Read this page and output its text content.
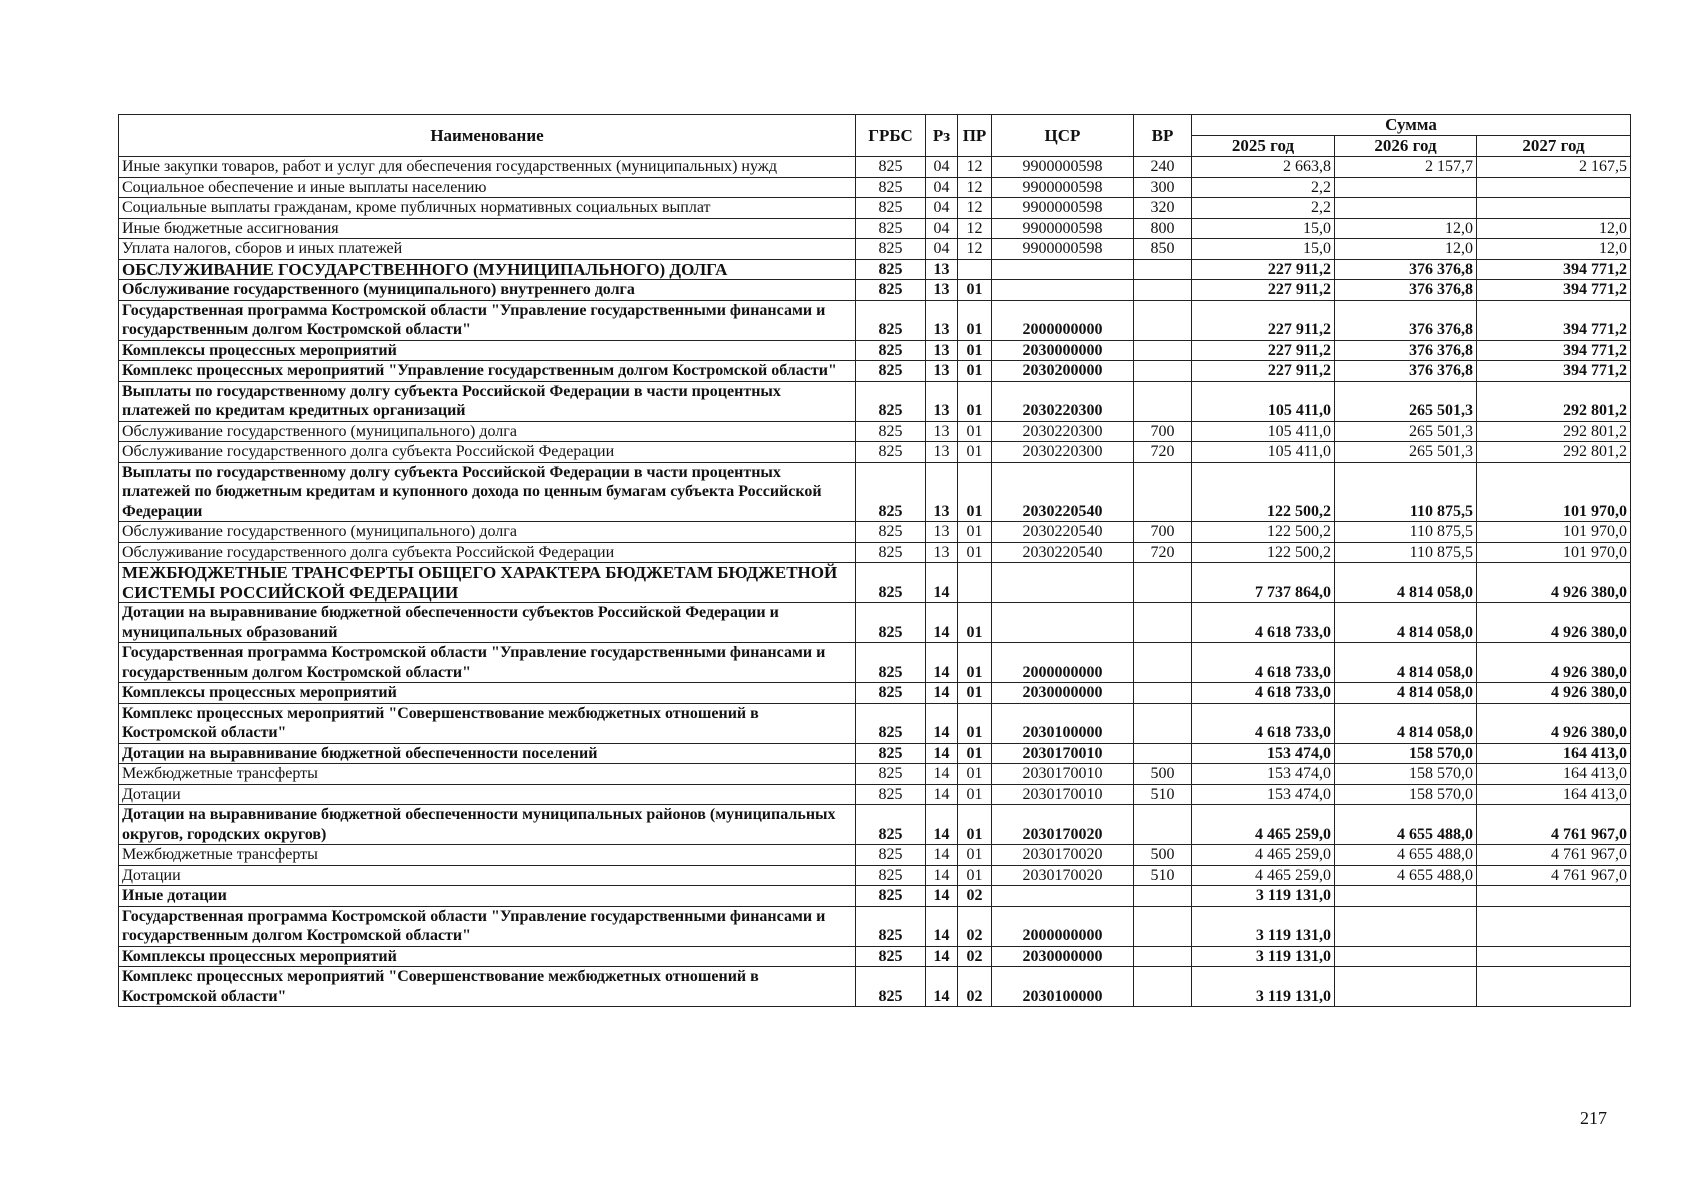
Наименование	ГРБС	Рз	ПР	ЦСР	ВР	Сумма		
						2025 год	2026 год	2027 год
Иные закупки товаров, работ и услуг для обеспечения государственных (муниципальных) нужд	825	04	12	9900000598	240	2 663,8	2 157,7	2 167,5
Социальное обеспечение и иные выплаты населению	825	04	12	9900000598	300	2,2		
Социальные выплаты гражданам, кроме публичных нормативных социальных выплат	825	04	12	9900000598	320	2,2		
Иные бюджетные ассигнования	825	04	12	9900000598	800	15,0	12,0	12,0
Уплата налогов, сборов и иных платежей	825	04	12	9900000598	850	15,0	12,0	12,0
ОБСЛУЖИВАНИЕ ГОСУДАРСТВЕННОГО (МУНИЦИПАЛЬНОГО) ДОЛГА	825	13				227 911,2	376 376,8	394 771,2
Обслуживание государственного (муниципального) внутреннего долга	825	13	01			227 911,2	376 376,8	394 771,2
Государственная программа Костромской области "Управление государственными финансами и государственным долгом Костромской области"	825	13	01	2000000000		227 911,2	376 376,8	394 771,2
Комплексы процессных мероприятий	825	13	01	2030000000		227 911,2	376 376,8	394 771,2
Комплекс процессных мероприятий "Управление государственным долгом Костромской области"	825	13	01	2030200000		227 911,2	376 376,8	394 771,2
Выплаты по государственному долгу субъекта Российской Федерации в части процентных платежей по кредитам кредитных организаций	825	13	01	2030220300		105 411,0	265 501,3	292 801,2
Обслуживание государственного (муниципального) долга	825	13	01	2030220300	700	105 411,0	265 501,3	292 801,2
Обслуживание государственного долга субъекта Российской Федерации	825	13	01	2030220300	720	105 411,0	265 501,3	292 801,2
Выплаты по государственному долгу субъекта Российской Федерации в части процентных платежей по бюджетным кредитам и купонного дохода по ценным бумагам субъекта Российской Федерации	825	13	01	2030220540		122 500,2	110 875,5	101 970,0
Обслуживание государственного (муниципального) долга	825	13	01	2030220540	700	122 500,2	110 875,5	101 970,0
Обслуживание государственного долга субъекта Российской Федерации	825	13	01	2030220540	720	122 500,2	110 875,5	101 970,0
МЕЖБЮДЖЕТНЫЕ ТРАНСФЕРТЫ ОБЩЕГО ХАРАКТЕРА БЮДЖЕТАМ БЮДЖЕТНОЙ СИСТЕМЫ РОССИЙСКОЙ ФЕДЕРАЦИИ	825	14				7 737 864,0	4 814 058,0	4 926 380,0
Дотации на выравнивание бюджетной обеспеченности субъектов Российской Федерации и муниципальных образований	825	14	01			4 618 733,0	4 814 058,0	4 926 380,0
Государственная программа Костромской области "Управление государственными финансами и государственным долгом Костромской области"	825	14	01	2000000000		4 618 733,0	4 814 058,0	4 926 380,0
Комплексы процессных мероприятий	825	14	01	2030000000		4 618 733,0	4 814 058,0	4 926 380,0
Комплекс процессных мероприятий "Совершенствование межбюджетных отношений в Костромской области"	825	14	01	2030100000		4 618 733,0	4 814 058,0	4 926 380,0
Дотации на выравнивание бюджетной обеспеченности поселений	825	14	01	2030170010		153 474,0	158 570,0	164 413,0
Межбюджетные трансферты	825	14	01	2030170010	500	153 474,0	158 570,0	164 413,0
Дотации	825	14	01	2030170010	510	153 474,0	158 570,0	164 413,0
Дотации на выравнивание бюджетной обеспеченности муниципальных районов (муниципальных округов, городских округов)	825	14	01	2030170020		4 465 259,0	4 655 488,0	4 761 967,0
Межбюджетные трансферты	825	14	01	2030170020	500	4 465 259,0	4 655 488,0	4 761 967,0
Дотации	825	14	01	2030170020	510	4 465 259,0	4 655 488,0	4 761 967,0
Иные дотации	825	14	02			3 119 131,0		
Государственная программа Костромской области "Управление государственными финансами и государственным долгом Костромской области"	825	14	02	2000000000		3 119 131,0		
Комплексы процессных мероприятий	825	14	02	2030000000		3 119 131,0		
Комплекс процессных мероприятий "Совершенствование межбюджетных отношений в Костромской области"	825	14	02	2030100000		3 119 131,0		
217
